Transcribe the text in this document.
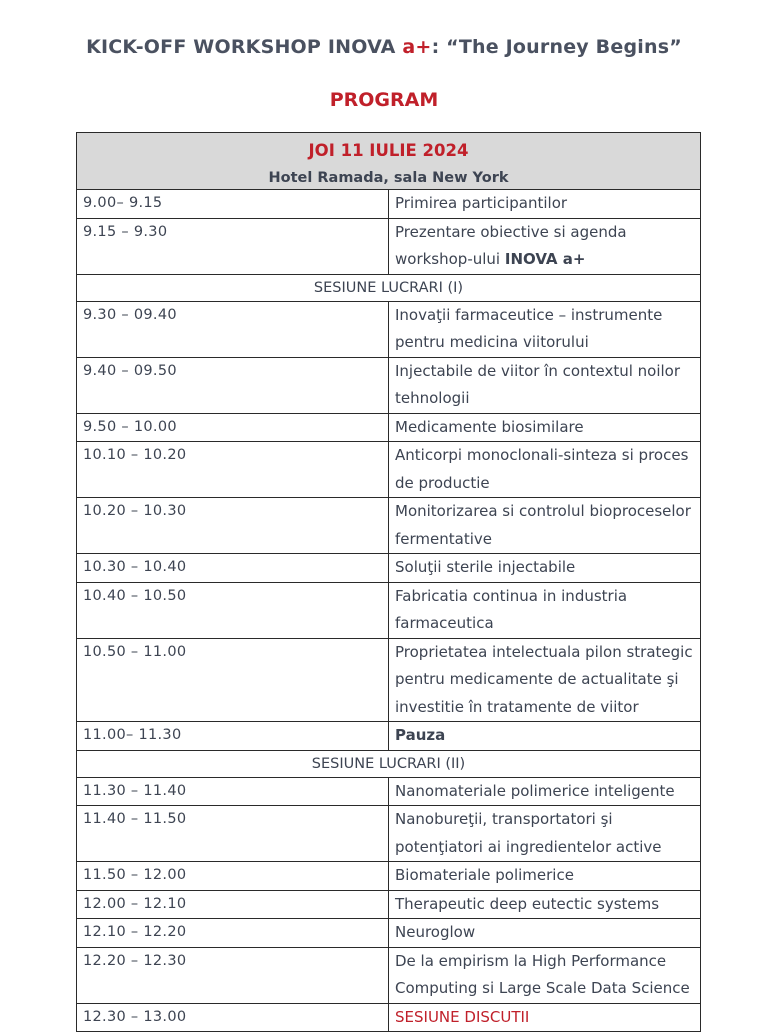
KICK-OFF WORKSHOP INOVA a+: “The Journey Begins”
PROGRAM
JOI 11 IULIE 2024
Hotel Ramada, sala New York	

9.00– 9.15	Primirea participantilor
9.15 – 9.30	Prezentare obiective si agenda workshop-ului INOVA a+
SESIUNE LUCRARI (I)	
9.30 – 09.40	Inovaţii farmaceutice – instrumente pentru medicina viitorului
9.40 – 09.50	Injectabile de viitor în contextul noilor tehnologii
9.50 – 10.00	Medicamente biosimilare
10.10 – 10.20	Anticorpi monoclonali-sinteza si proces de productie
10.20 – 10.30	Monitorizarea si controlul bioproceselor fermentative
10.30 – 10.40	Soluţii sterile injectabile
10.40 – 10.50	Fabricatia continua in industria farmaceutica
10.50 – 11.00	Proprietatea intelectuala pilon strategic pentru medicamente de actualitate şi investitie în tratamente de viitor
11.00– 11.30	Pauza
SESIUNE LUCRARI (II)	
11.30 – 11.40	Nanomateriale polimerice inteligente
11.40 – 11.50	Nanobureţii, transportatori şi potenţiatori ai ingredientelor active
11.50 – 12.00	Biomateriale polimerice
12.00 – 12.10	Therapeutic deep eutectic systems
12.10 – 12.20	Neuroglow
12.20 – 12.30	De la empirism la High Performance Computing si Large Scale Data Science
12.30 – 13.00	SESIUNE DISCUTII
